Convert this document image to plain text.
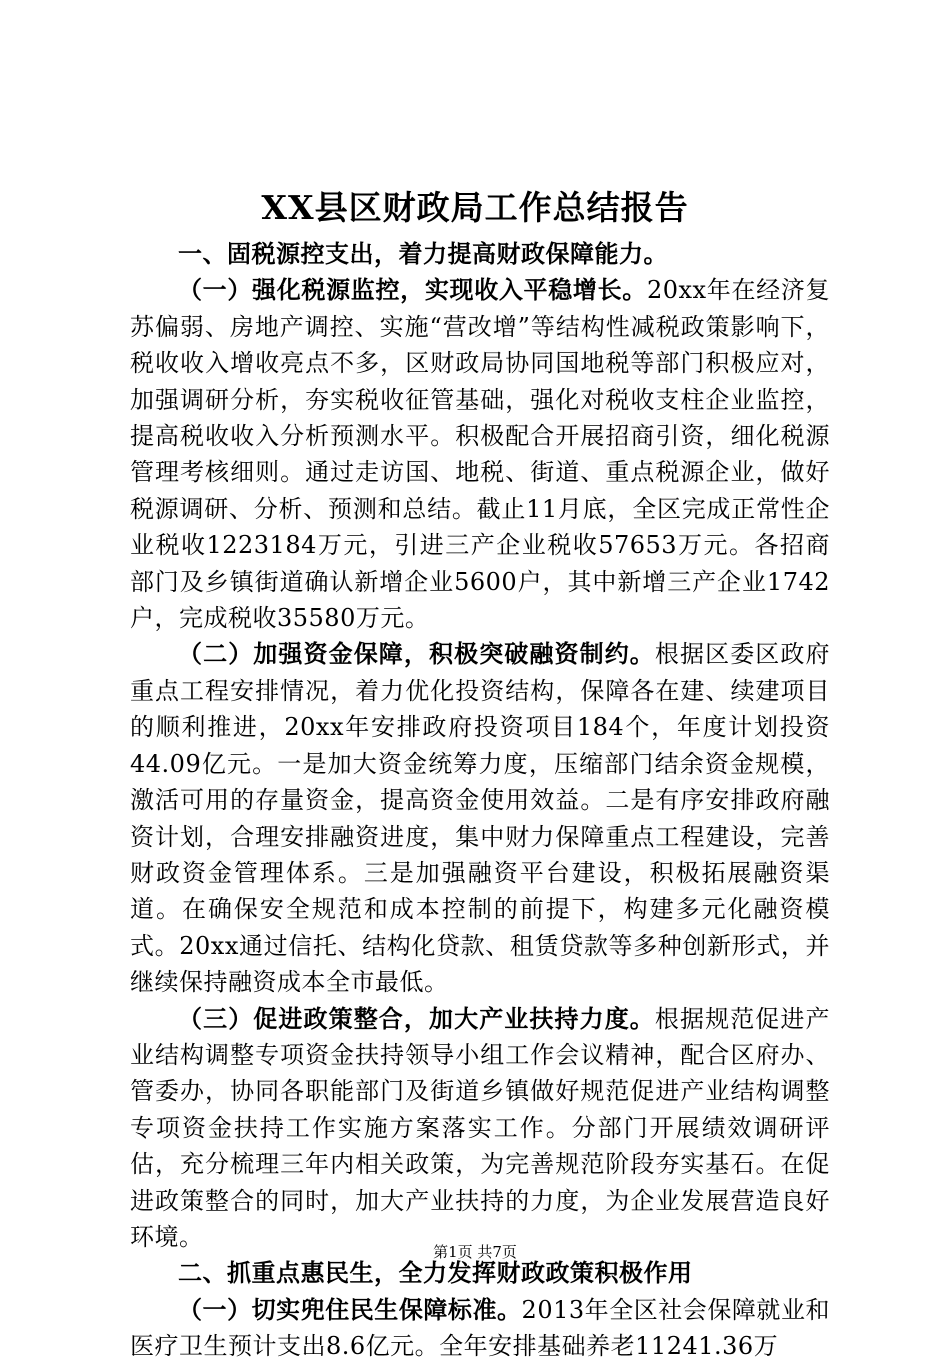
XX县区财政局工作总结报告

一、固税源控支出，着力提高财政保障能力。

（一）强化税源监控，实现收入平稳增长。20xx年在经济复苏偏弱、房地产调控、实施“营改增”等结构性减税政策影响下，税收收入增收亮点不多，区财政局协同国地税等部门积极应对，加强调研分析，夯实税收征管基础，强化对税收支柱企业监控，提高税收收入分析预测水平。积极配合开展招商引资，细化税源管理考核细则。通过走访国、地税、街道、重点税源企业，做好税源调研、分析、预测和总结。截止11月底，全区完成正常性企业税收1223184万元，引进三产企业税收57653万元。各招商部门及乡镇街道确认新增企业5600户，其中新增三产企业1742户，完成税收35580万元。

（二）加强资金保障，积极突破融资制约。根据区委区政府重点工程安排情况，着力优化投资结构，保障各在建、续建项目的顺利推进，20xx年安排政府投资项目184个，年度计划投资44.09亿元。一是加大资金统筹力度，压缩部门结余资金规模，激活可用的存量资金，提高资金使用效益。二是有序安排政府融资计划，合理安排融资进度，集中财力保障重点工程建设，完善财政资金管理体系。三是加强融资平台建设，积极拓展融资渠道。在确保安全规范和成本控制的前提下，构建多元化融资模式。20xx通过信托、结构化贷款、租赁贷款等多种创新形式，并继续保持融资成本全市最低。

（三）促进政策整合，加大产业扶持力度。根据规范促进产业结构调整专项资金扶持领导小组工作会议精神，配合区府办、管委办，协同各职能部门及街道乡镇做好规范促进产业结构调整专项资金扶持工作实施方案落实工作。分部门开展绩效调研评估，充分梳理三年内相关政策，为完善规范阶段夯实基石。在促进政策整合的同时，加大产业扶持的力度，为企业发展营造良好环境。

二、抓重点惠民生，全力发挥财政政策积极作用

（一）切实兜住民生保障标准。2013年全区社会保障就业和医疗卫生预计支出8.6亿元。全年安排基础养老11241.36万

第1页 共7页
